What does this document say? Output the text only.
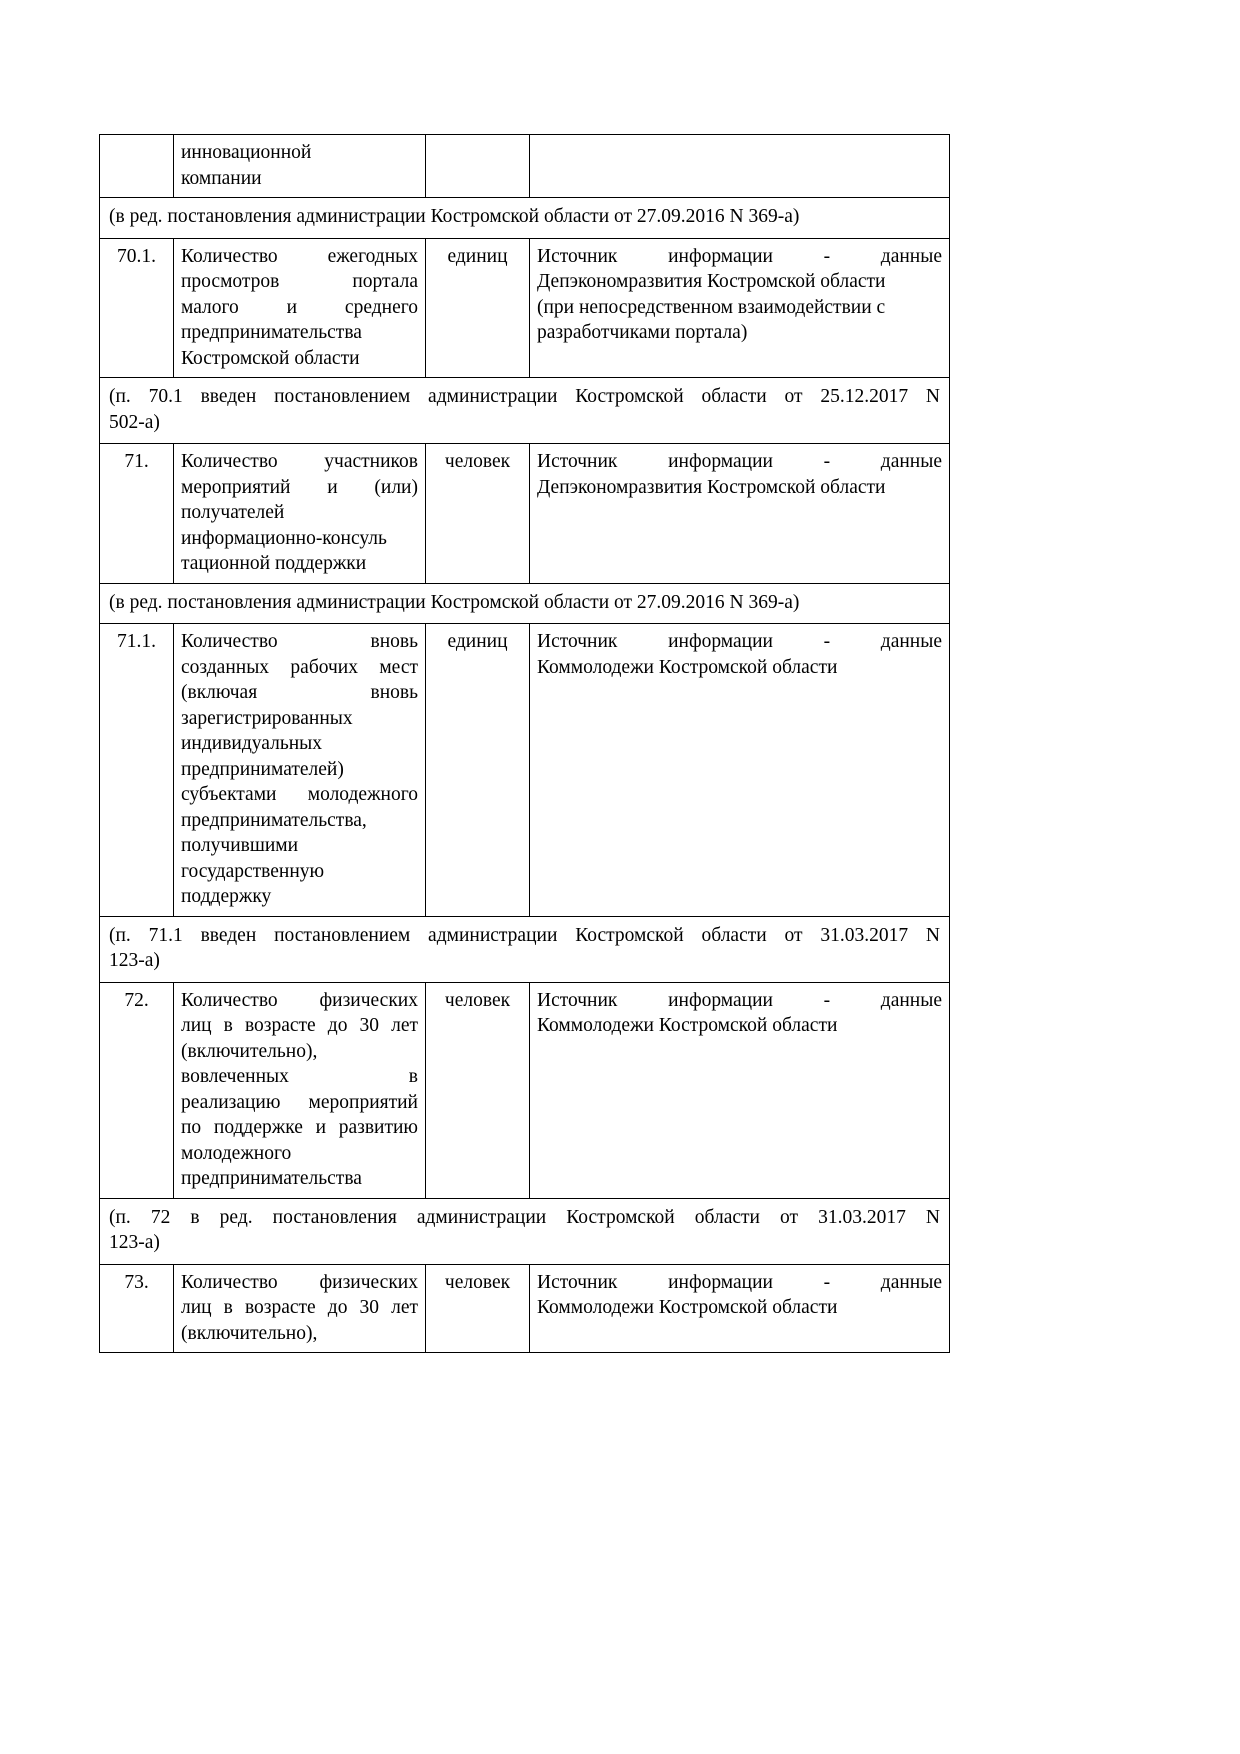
	инновационной
компании		

(в ред. постановления администрации Костромской области от 27.09.2016 N 369-а)			

70.1.	Количество ежегодных
просмотров портала
малого и среднего
предпринимательства
Костромской области	единиц	Источник информации - данные
Депэкономразвития Костромской области
(при непосредственном взаимодействии с
разработчиками портала)

(п. 70.1 введен постановлением администрации Костромской области от 25.12.2017 N
502-а)			

71.	Количество участников
мероприятий и (или)
получателей
информационно-консуль
тационной поддержки	человек	Источник информации - данные
Депэкономразвития Костромской области

(в ред. постановления администрации Костромской области от 27.09.2016 N 369-а)			

71.1.	Количество вновь
созданных рабочих мест
(включая вновь
зарегистрированных
индивидуальных
предпринимателей)
субъектами молодежного
предпринимательства,
получившими
государственную
поддержку
	единиц	Источник информации - данные
Коммолодежи Костромской области

(п. 71.1 введен постановлением администрации Костромской области от 31.03.2017 N
123-а)			

72.	Количество физических
лиц в возрасте до 30 лет
(включительно),
вовлеченных в
реализацию мероприятий
по поддержке и развитию
молодежного
предпринимательства
	человек	Источник информации - данные
Коммолодежи Костромской области

(п. 72 в ред. постановления администрации Костромской области от 31.03.2017 N
123-а)			

73.	Количество физических
лиц в возрасте до 30 лет
(включительно),	человек	Источник информации - данные
Коммолодежи Костромской области
